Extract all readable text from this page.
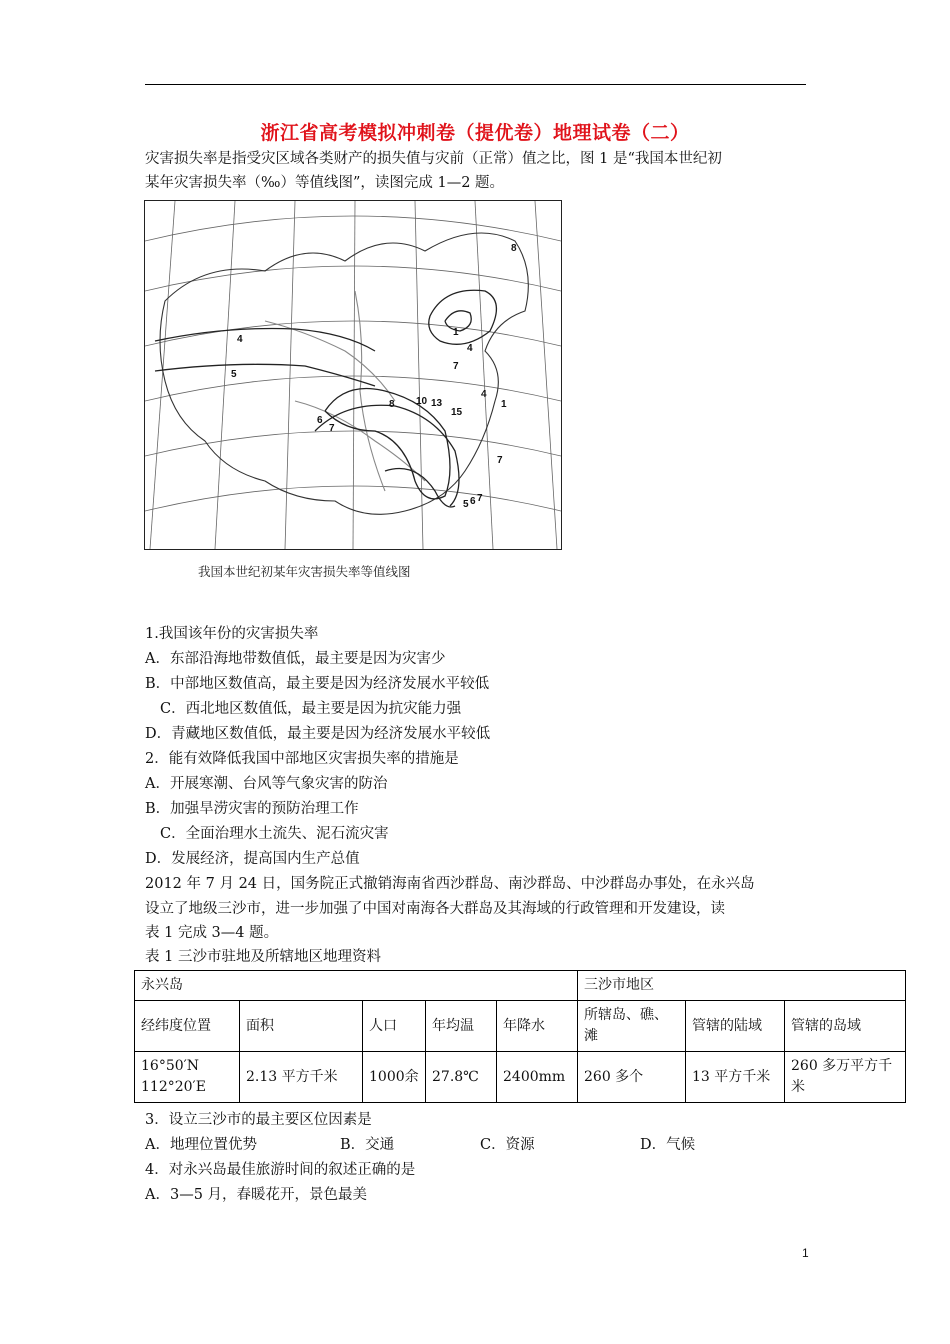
浙江省高考模拟冲刺卷（提优卷）地理试卷（二）
灾害损失率是指受灾区域各类财产的损失值与灾前（正常）值之比，图 1 是“我国本世纪初
某年灾害损失率（‰）等值线图”，读图完成 1—2 题。
8
1
4
7
4
5
4
1
10 13
15
8
6
7
7
5 6 7
我国本世纪初某年灾害损失率等值线图
1.我国该年份的灾害损失率
A．东部沿海地带数值低，最主要是因为灾害少
B．中部地区数值高，最主要是因为经济发展水平较低
C．西北地区数值低，最主要是因为抗灾能力强
D．青藏地区数值低，最主要是因为经济发展水平较低
2．能有效降低我国中部地区灾害损失率的措施是
A．开展寒潮、台风等气象灾害的防治
B．加强旱涝灾害的预防治理工作
C．全面治理水土流失、泥石流灾害
D．发展经济，提高国内生产总值
2012 年 7 月 24 日，国务院正式撤销海南省西沙群岛、南沙群岛、中沙群岛办事处，在永兴岛
设立了地级三沙市，进一步加强了中国对南海各大群岛及其海域的行政管理和开发建设，读
表 1 完成 3—4 题。
表 1 三沙市驻地及所辖地区地理资料
永兴岛					三沙市地区		
经纬度位置	面积	人口	年均温	年降水	所辖岛、礁、滩	管辖的陆域	管辖的岛域

16°50′N
112°20′E	2.13 平方千米	1000余	27.8℃	2400mm	260 多个	13 平方千米	260 多万平方千米
3．设立三沙市的最主要区位因素是
A．地理位置优势	B．交通	C．资源	D．气候
4．对永兴岛最佳旅游时间的叙述正确的是
A．3—5 月，春暖花开，景色最美
1
